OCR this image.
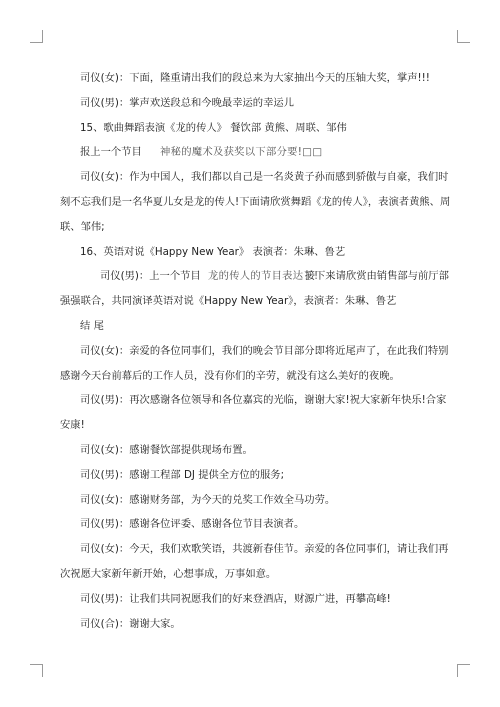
司仪(女)：下面，隆重请出我们的段总来为大家抽出今天的压轴大奖，掌声!!!

司仪(男)：掌声欢送段总和今晚最幸运的幸运儿

15、歌曲舞蹈表演《龙的传人》 餐饮部 黄熊、周联、邹伟

报上一个节目	神秘的魔术及获奖以下部分要!□□

司仪(女)：作为中国人，我们都以自己是一名炎黄子孙而感到骄傲与自豪，我们时刻不忘我们是一名华夏儿女是龙的传人!下面请欣赏舞蹈《龙的传人》，表演者黄熊、周联、邹伟;

16、英语对说《Happy New Year》 表演者：朱琳、鲁艺

司仪(男)：上一个节目 龙的传人的节目表达了!
接下来请欣赏由销售部与前厅部强强联合，共同演译英语对说《Happy New Year》，表演者：朱琳、鲁艺

结 尾

司仪(女)：亲爱的各位同事们，我们的晚会节目部分即将近尾声了，在此我们特别感谢今天台前幕后的工作人员，没有你们的辛劳，就没有这么美好的夜晚。

司仪(男)：再次感谢各位领导和各位嘉宾的光临，谢谢大家!祝大家新年快乐!合家安康!

司仪(女)：感谢餐饮部提供现场布置。

司仪(男)：感谢工程部 DJ 提供全方位的服务;

司仪(女)：感谢财务部，为今天的兑奖工作效全马功劳。

司仪(男)：感谢各位评委、感谢各位节目表演者。

司仪(女)：今天，我们欢歌笑语，共渡新春佳节。亲爱的各位同事们，请让我们再次祝愿大家新年新开始，心想事成，万事如意。

司仪(男)：让我们共同祝愿我们的好来登酒店，财源广进，再攀高峰!

司仪(合)：谢谢大家。
